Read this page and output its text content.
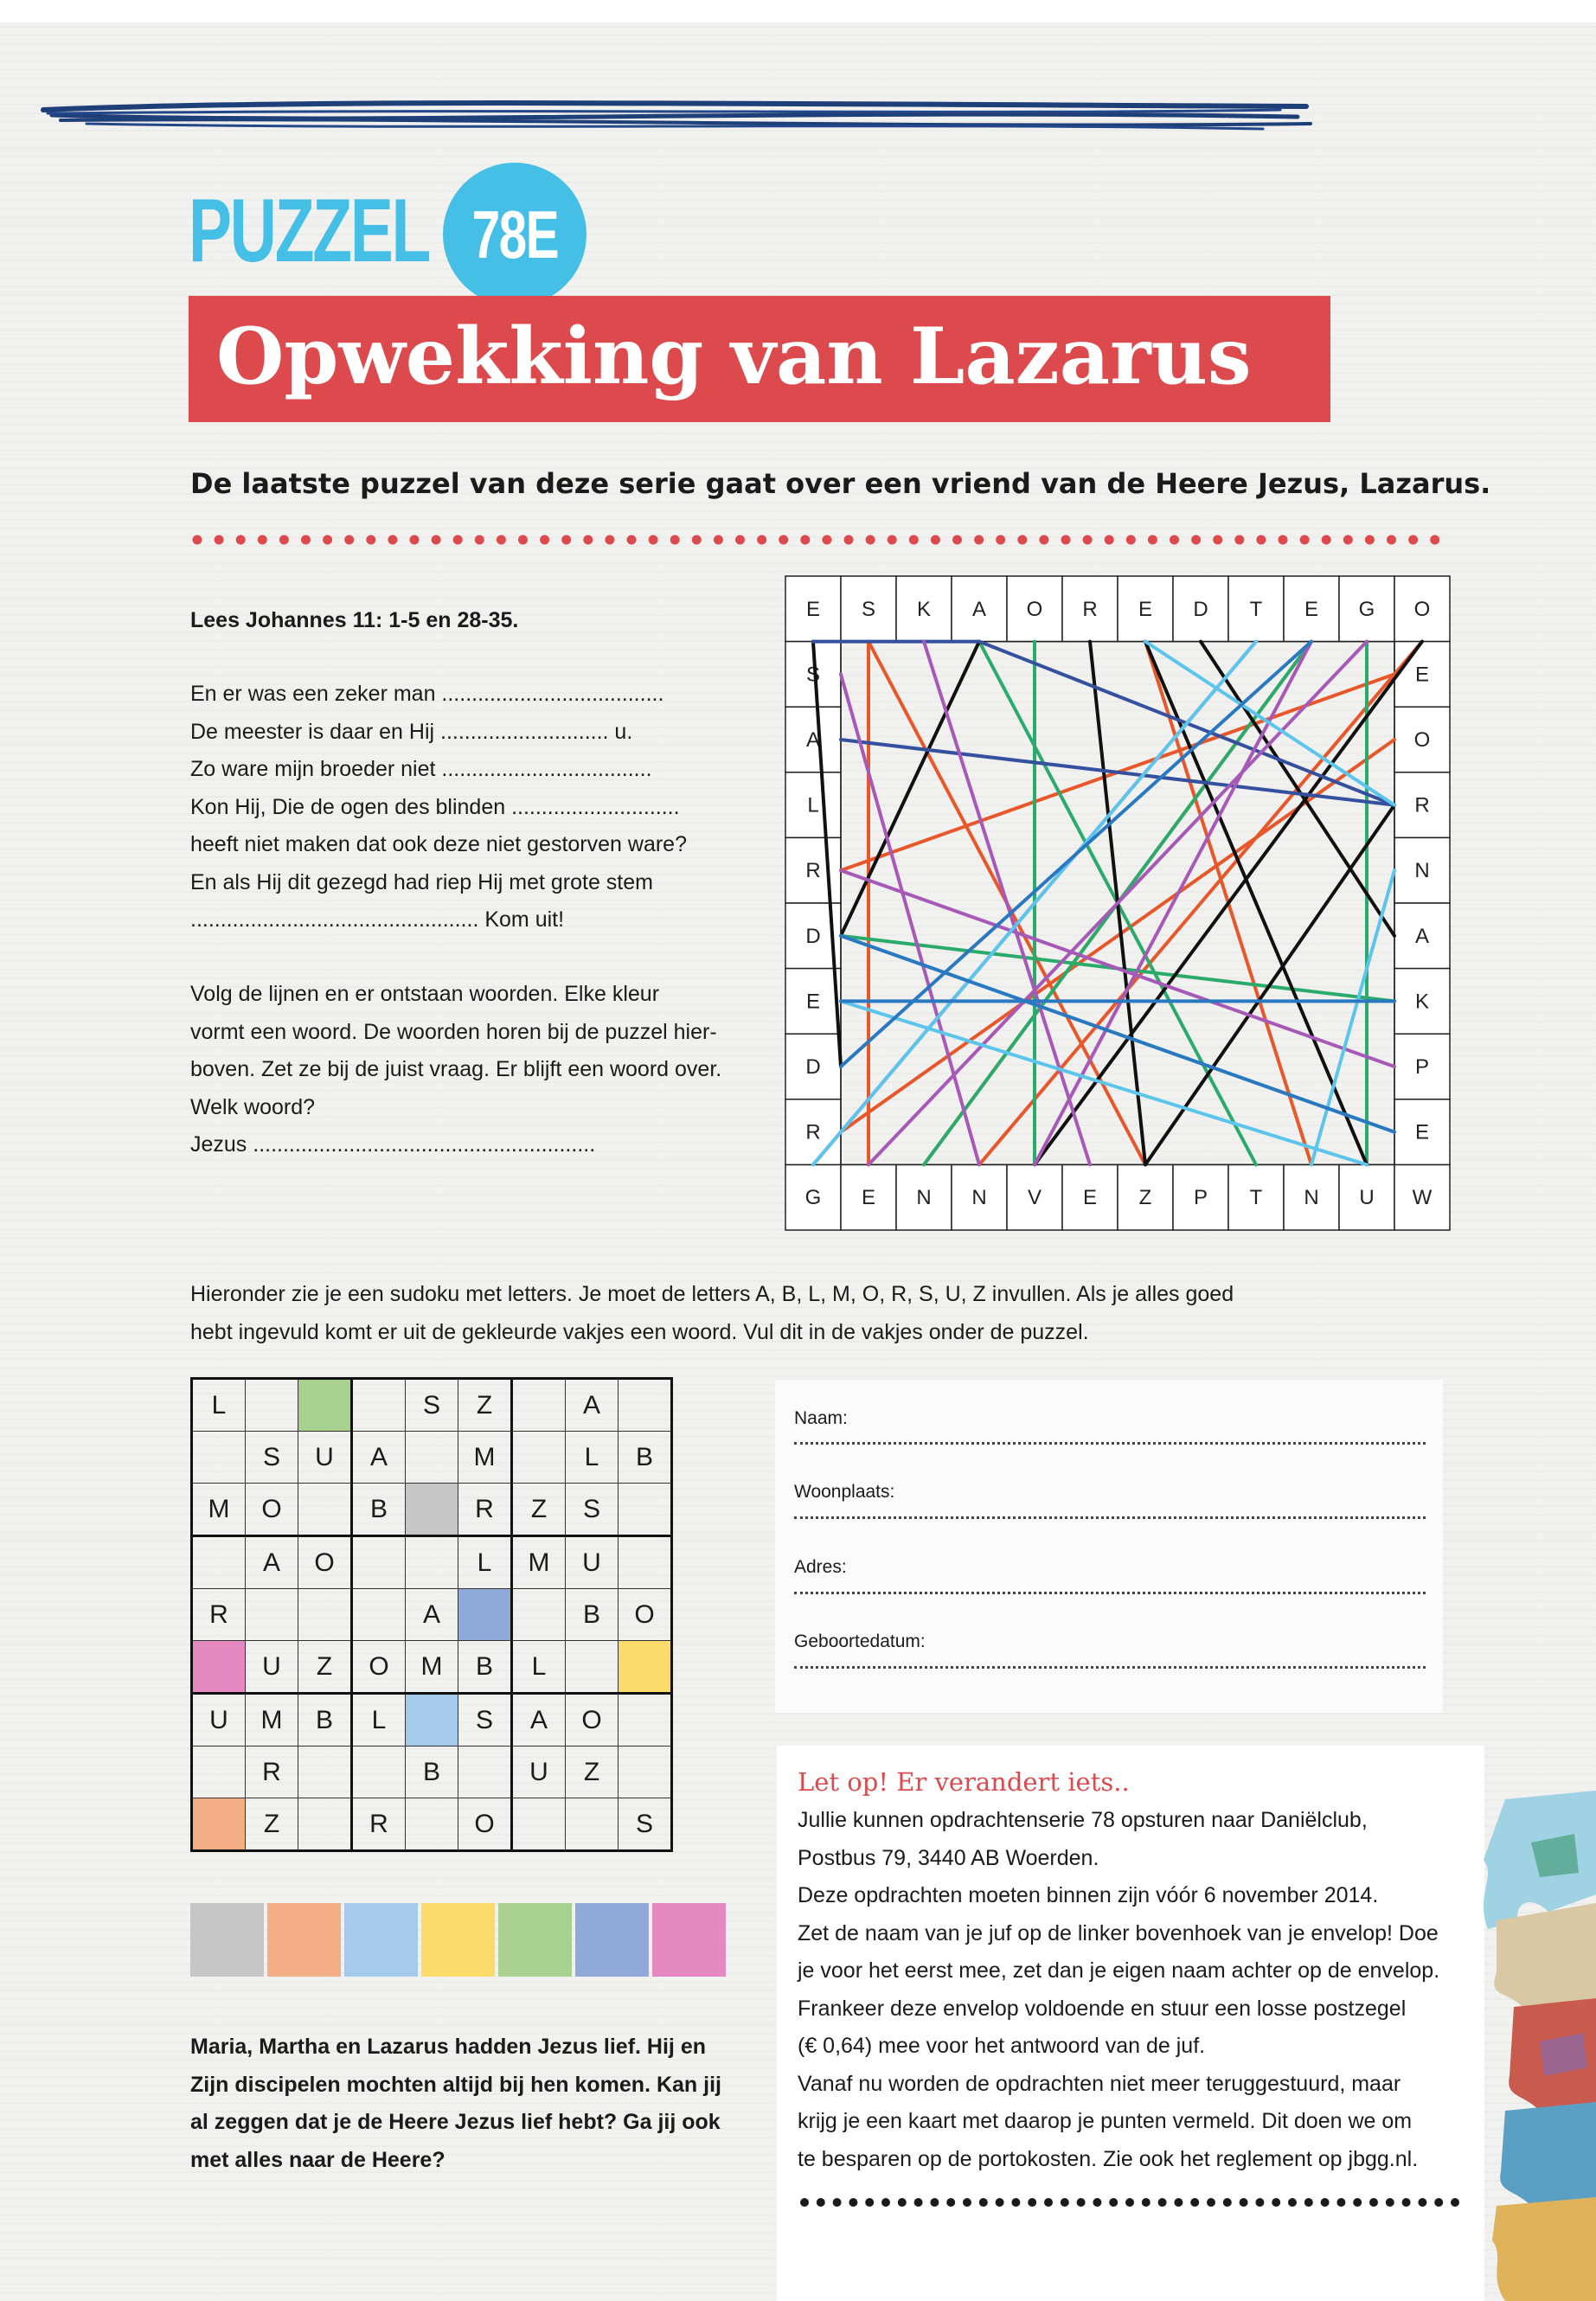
PUZZEL 78E
Opwekking van Lazarus
De laatste puzzel van deze serie gaat over een vriend van de Heere Jezus, Lazarus.
Lees Johannes 11: 1-5 en 28-35.
En er was een zeker man .....................................
De meester is daar en Hij ............................ u.
Zo ware mijn broeder niet ...................................
Kon Hij, Die de ogen des blinden ............................
heeft niet maken dat ook deze niet gestorven ware?
En als Hij dit gezegd had riep Hij met grote stem
................................................ Kom uit!
Volg de lijnen en er ontstaan woorden. Elke kleur
vormt een woord. De woorden horen bij de puzzel hier-
boven. Zet ze bij de juist vraag. Er blijft een woord over.
Welk woord?
Jezus .........................................................
E S K A O R E D T E G O
G E N N V E Z P T N U W
S
A
L
R
D
E
D
R
E
O
R
N
A
K
P
E
Hieronder zie je een sudoku met letters. Je moet de letters A, B, L, M, O, R, S, U, Z invullen. Als je alles goed
hebt ingevuld komt er uit de gekleurde vakjes een woord. Vul dit in de vakjes onder de puzzel.
L				S	Z		A	
	S	U	A		M		L	B
M	O		B		R	Z	S	
	A	O			L	M	U	
R				A			B	O
	U	Z	O	M	B	L		
U	M	B	L		S	A	O	
	R			B		U	Z	
	Z		R		O			S
Maria, Martha en Lazarus hadden Jezus lief. Hij en
Zijn discipelen mochten altijd bij hen komen. Kan jij
al zeggen dat je de Heere Jezus lief hebt? Ga jij ook
met alles naar de Heere?
Naam:
Woonplaats:
Adres:
Geboortedatum:
Let op! Er verandert iets..
Jullie kunnen opdrachtenserie 78 opsturen naar Daniëlclub,
Postbus 79, 3440 AB Woerden.
Deze opdrachten moeten binnen zijn vóór 6 november 2014.
Zet de naam van je juf op de linker bovenhoek van je envelop! Doe
je voor het eerst mee, zet dan je eigen naam achter op de envelop.
Frankeer deze envelop voldoende en stuur een losse postzegel
(€ 0,64) mee voor het antwoord van de juf.
Vanaf nu worden de opdrachten niet meer teruggestuurd, maar
krijg je een kaart met daarop je punten vermeld. Dit doen we om
te besparen op de portokosten. Zie ook het reglement op jbgg.nl.
